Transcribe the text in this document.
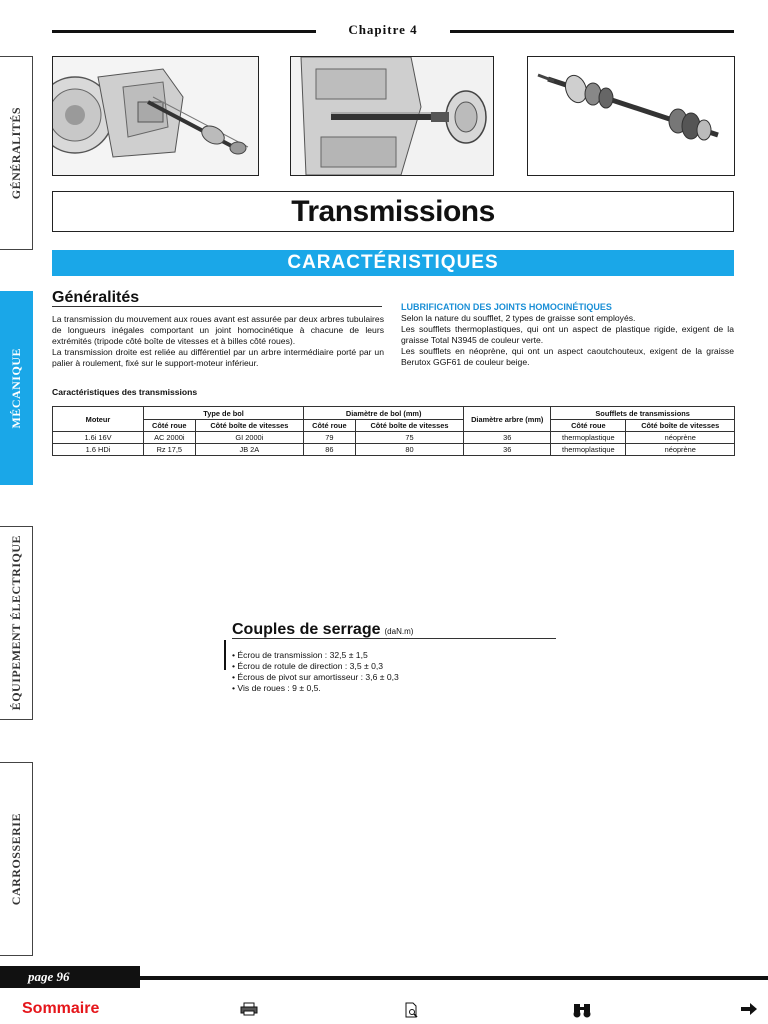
Chapitre 4
GÉNÉRALITÉS
MÉCANIQUE
ÉQUIPEMENT ÉLECTRIQUE
CARROSSERIE
Transmissions
CARACTÉRISTIQUES
Généralités

La transmission du mouvement aux roues avant est assurée par deux arbres tubulaires de longueurs inégales comportant un joint homocinétique à chacune de leurs extrémités (tripode côté boîte de vitesses et à billes côté roues).

La transmission droite est reliée au différentiel par un arbre intermédiaire porté par un palier à roulement, fixé sur le support-moteur inférieur.

LUBRIFICATION DES JOINTS HOMOCINÉTIQUES

Selon la nature du soufflet, 2 types de graisse sont employés.

Les soufflets thermoplastiques, qui ont un aspect de plastique rigide, exigent de la graisse Total N3945 de couleur verte.

Les soufflets en néoprène, qui ont un aspect caoutchouteux, exigent de la graisse Berutox GGF61 de couleur beige.

Caractéristiques des transmissions
Moteur	Type de bol		Diamètre de bol (mm)		Diamètre arbre (mm)	Soufflets de transmissions	
	Côté roue	Côté boîte de vitesses	Côté roue	Côté boîte de vitesses		Côté roue	Côté boîte de vitesses
1.6i 16V	AC 2000i	GI 2000i	79	75	36	thermoplastique	néoprène
1.6 HDi	Rz 17,5	JB 2A	86	80	36	thermoplastique	néoprène
Couples de serrage (daN.m)
• Écrou de transmission : 32,5 ± 1,5
• Écrou de rotule de direction : 3,5 ± 0,3
• Écrous de pivot sur amortisseur : 3,6 ± 0,3
• Vis de roues : 9 ± 0,5.
page 96
Sommaire
